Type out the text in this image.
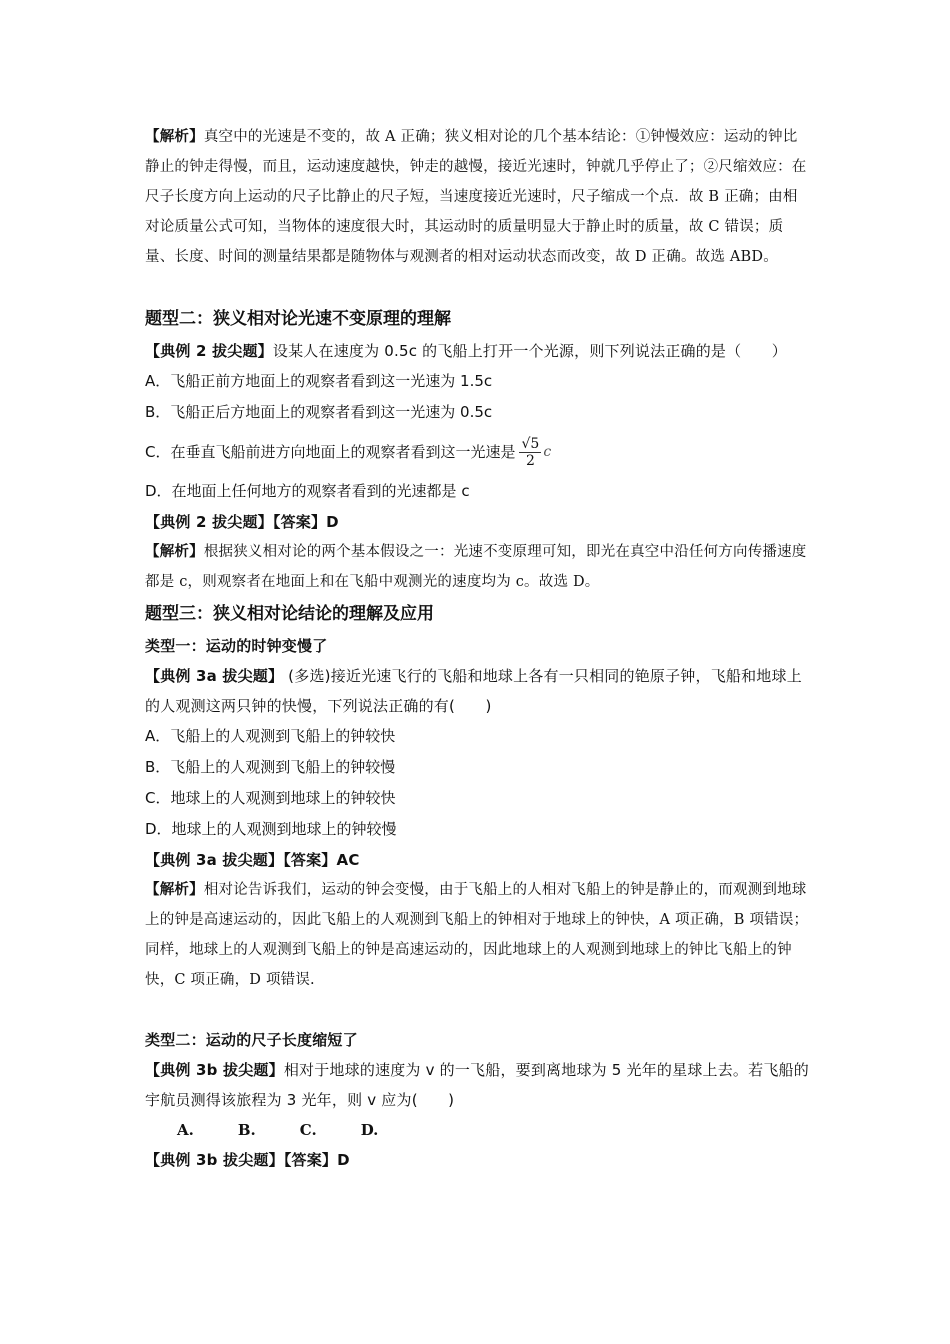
【解析】真空中的光速是不变的，故 A 正确；狭义相对论的几个基本结论：①钟慢效应：运动的钟比静止的钟走得慢，而且，运动速度越快，钟走的越慢，接近光速时，钟就几乎停止了；②尺缩效应：在尺子长度方向上运动的尺子比静止的尺子短，当速度接近光速时，尺子缩成一个点．故 B 正确；由相对论质量公式可知，当物体的速度很大时，其运动时的质量明显大于静止时的质量，故 C 错误；质量、长度、时间的测量结果都是随物体与观测者的相对运动状态而改变，故 D 正确。故选 ABD。

题型二：狭义相对论光速不变原理的理解

【典例 2 拔尖题】设某人在速度为 0.5c 的飞船上打开一个光源，则下列说法正确的是（　　）

A．飞船正前方地面上的观察者看到这一光速为 1.5c

B．飞船正后方地面上的观察者看到这一光速为 0.5c

C．在垂直飞船前进方向地面上的观察者看到这一光速是 $\frac{√5}{2}$ c

D．在地面上任何地方的观察者看到的光速都是 c

【典例 2 拔尖题】【答案】D

【解析】根据狭义相对论的两个基本假设之一：光速不变原理可知，即光在真空中沿任何方向传播速度都是 c，则观察者在地面上和在飞船中观测光的速度均为 c。故选 D。

题型三：狭义相对论结论的理解及应用

类型一：运动的时钟变慢了

【典例 3a 拔尖题】 (多选)接近光速飞行的飞船和地球上各有一只相同的铯原子钟，飞船和地球上的人观测这两只钟的快慢，下列说法正确的有(　　)

A．飞船上的人观测到飞船上的钟较快

B．飞船上的人观测到飞船上的钟较慢

C．地球上的人观测到地球上的钟较快

D．地球上的人观测到地球上的钟较慢

【典例 3a 拔尖题】【答案】AC

【解析】相对论告诉我们，运动的钟会变慢，由于飞船上的人相对飞船上的钟是静止的，而观测到地球上的钟是高速运动的，因此飞船上的人观测到飞船上的钟相对于地球上的钟快，A 项正确，B 项错误；同样，地球上的人观测到飞船上的钟是高速运动的，因此地球上的人观测到地球上的钟比飞船上的钟快，C 项正确，D 项错误.

类型二：运动的尺子长度缩短了

【典例 3b 拔尖题】相对于地球的速度为 v 的一飞船，要到离地球为 5 光年的星球上去。若飞船的宇航员测得该旅程为 3 光年，则 v 应为(　　)

A.	B.	C.	D.

【典例 3b 拔尖题】【答案】D
